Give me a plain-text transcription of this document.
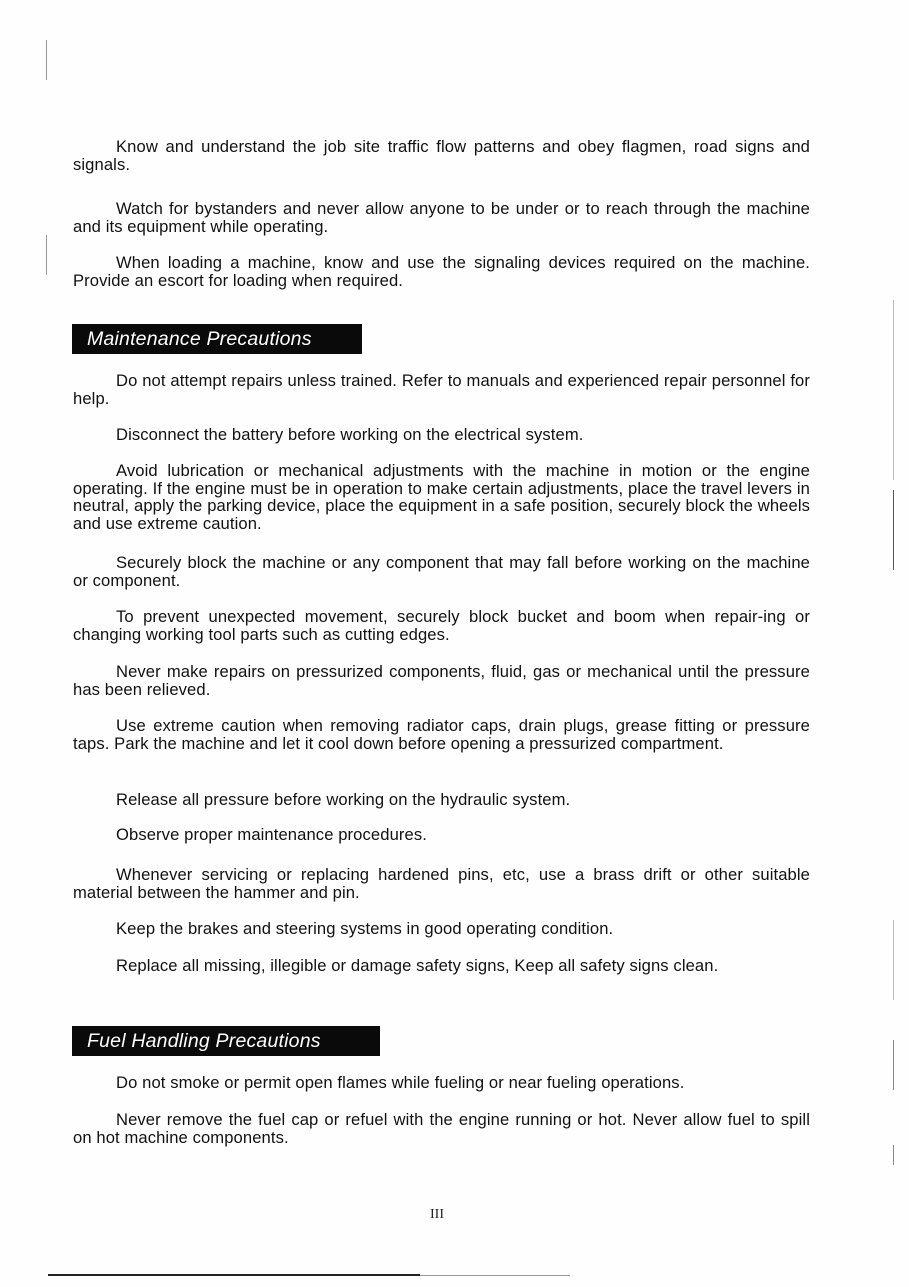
Know and understand the job site traffic flow patterns and obey flagmen, road signs and signals.

Watch for bystanders and never allow anyone to be under or to reach through the machine and its equipment while operating.

When loading a machine, know and use the signaling devices required on the machine. Provide an escort for loading when required.

Maintenance Precautions

Do not attempt repairs unless trained. Refer to manuals and experienced repair personnel for help.

Disconnect the battery before working on the electrical system.

Avoid lubrication or mechanical adjustments with the machine in motion or the engine operating. If the engine must be in operation to make certain adjustments, place the travel levers in neutral, apply the parking device, place the equipment in a safe position, securely block the wheels and use extreme caution.

Securely block the machine or any component that may fall before working on the machine or component.

To prevent unexpected movement, securely block bucket and boom when repair-ing or changing working tool parts such as cutting edges.

Never make repairs on pressurized components, fluid, gas or mechanical until the pressure has been relieved.

Use extreme caution when removing radiator caps, drain plugs, grease fitting or pressure taps. Park the machine and let it cool down before opening a pressurized compartment.

Release all pressure before working on the hydraulic system.

Observe proper maintenance procedures.

Whenever servicing or replacing hardened pins, etc, use a brass drift or other suitable material between the hammer and pin.

Keep the brakes and steering systems in good operating condition.

Replace all missing, illegible or damage safety signs, Keep all safety signs clean.

Fuel Handling Precautions

Do not smoke or permit open flames while fueling or near fueling operations.

Never remove the fuel cap or refuel with the engine running or hot. Never allow fuel to spill on hot machine components.

III
